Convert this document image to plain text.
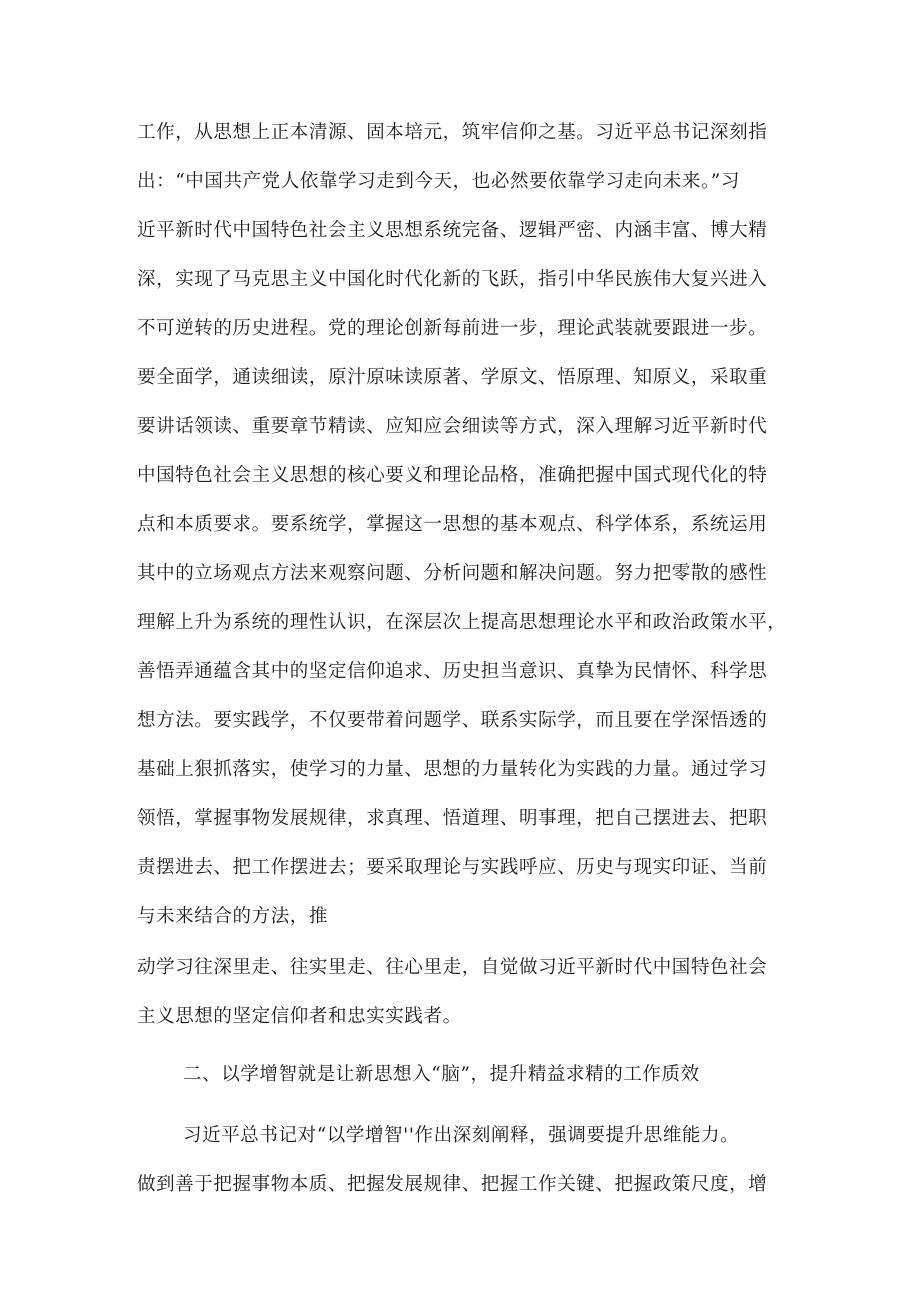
工作，从思想上正本清源、固本培元，筑牢信仰之基。习近平总书记深刻指
出：“中国共产党人依靠学习走到今天，也必然要依靠学习走向未来。”习
近平新时代中国特色社会主义思想系统完备、逻辑严密、内涵丰富、博大精
深，实现了马克思主义中国化时代化新的飞跃，指引中华民族伟大复兴进入
不可逆转的历史进程。党的理论创新每前进一步，理论武装就要跟进一步。
要全面学，通读细读，原汁原味读原著、学原文、悟原理、知原义，采取重
要讲话领读、重要章节精读、应知应会细读等方式，深入理解习近平新时代
中国特色社会主义思想的核心要义和理论品格，准确把握中国式现代化的特
点和本质要求。要系统学，掌握这一思想的基本观点、科学体系，系统运用
其中的立场观点方法来观察问题、分析问题和解决问题。努力把零散的感性
理解上升为系统的理性认识，在深层次上提高思想理论水平和政治政策水平，
善悟弄通蕴含其中的坚定信仰追求、历史担当意识、真挚为民情怀、科学思
想方法。要实践学，不仅要带着问题学、联系实际学，而且要在学深悟透的
基础上狠抓落实，使学习的力量、思想的力量转化为实践的力量。通过学习
领悟，掌握事物发展规律，求真理、悟道理、明事理，把自己摆进去、把职
责摆进去、把工作摆进去；要采取理论与实践呼应、历史与现实印证、当前
与未来结合的方法，推
动学习往深里走、往实里走、往心里走，自觉做习近平新时代中国特色社会
主义思想的坚定信仰者和忠实实践者。
二、以学增智就是让新思想入“脑”，提升精益求精的工作质效
习近平总书记对“以学增智''作出深刻阐释，强调要提升思维能力。
做到善于把握事物本质、把握发展规律、把握工作关键、把握政策尺度，增
